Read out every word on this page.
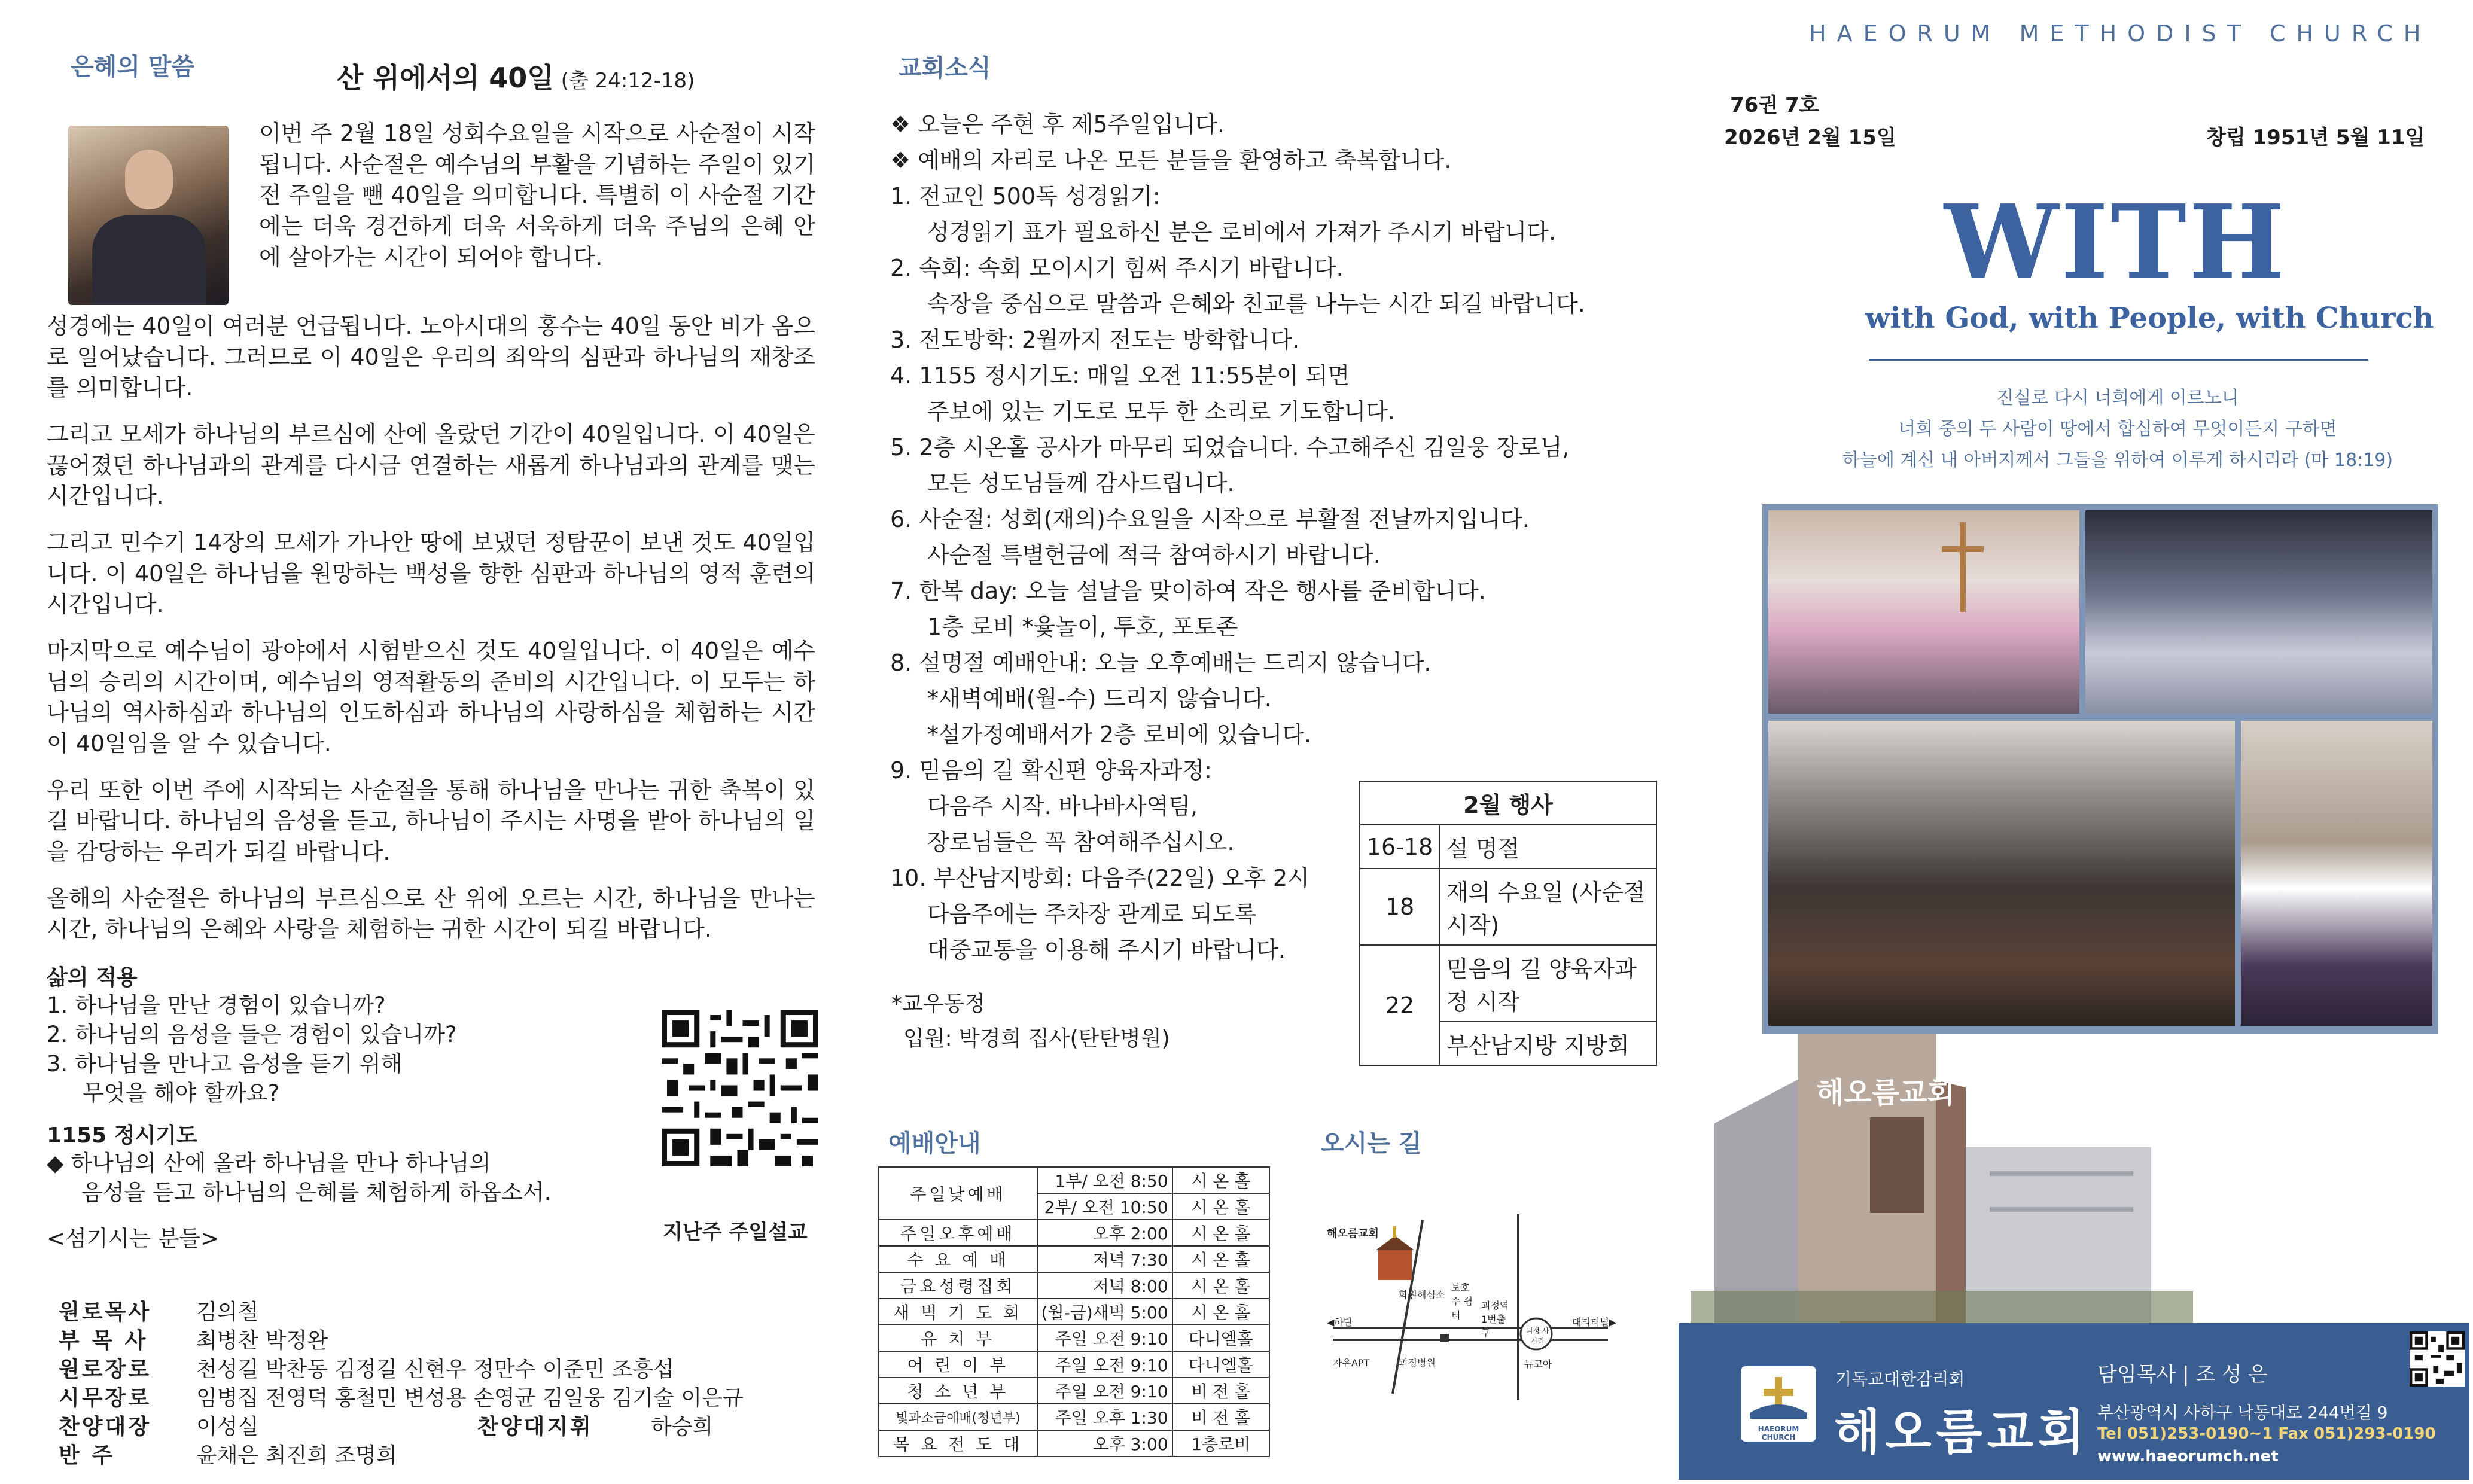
은혜의 말씀	산 위에서의 40일 (출 24:12-18)
이번 주 2월 18일 성회수요일을 시작으로 사순절이 시작됩니다. 사순절은 예수님의 부활을 기념하는 주일이 있기 전 주일을 뺀 40일을 의미합니다. 특별히 이 사순절 기간에는 더욱 경건하게 더욱 서욱하게 더욱 주님의 은혜 안에 살아가는 시간이 되어야 합니다.

성경에는 40일이 여러분 언급됩니다. 노아시대의 홍수는 40일 동안 비가 옴으로 일어났습니다. 그러므로 이 40일은 우리의 죄악의 심판과 하나님의 재창조를 의미합니다.

그리고 모세가 하나님의 부르심에 산에 올랐던 기간이 40일입니다. 이 40일은 끊어졌던 하나님과의 관계를 다시금 연결하는 새롭게 하나님과의 관계를 맺는 시간입니다.

그리고 민수기 14장의 모세가 가나안 땅에 보냈던 정탐꾼이 보낸 것도 40일입니다. 이 40일은 하나님을 원망하는 백성을 향한 심판과 하나님의 영적 훈련의 시간입니다.

마지막으로 예수님이 광야에서 시험받으신 것도 40일입니다. 이 40일은 예수님의 승리의 시간이며, 예수님의 영적활동의 준비의 시간입니다. 이 모두는 하나님의 역사하심과 하나님의 인도하심과 하나님의 사랑하심을 체험하는 시간이 40일임을 알 수 있습니다.

우리 또한 이번 주에 시작되는 사순절을 통해 하나님을 만나는 귀한 축복이 있길 바랍니다. 하나님의 음성을 듣고, 하나님이 주시는 사명을 받아 하나님의 일을 감당하는 우리가 되길 바랍니다.

올해의 사순절은 하나님의 부르심으로 산 위에 오르는 시간, 하나님을 만나는 시간, 하나님의 은혜와 사랑을 체험하는 귀한 시간이 되길 바랍니다.

삶의 적용
1. 하나님을 만난 경험이 있습니까?
2. 하나님의 음성을 들은 경험이 있습니까?
3. 하나님을 만나고 음성을 듣기 위해
무엇을 해야 할까요?
1155 정시기도
◆ 하나님의 산에 올라 하나님을 만나 하나님의
음성을 듣고 하나님의 은혜를 체험하게 하옵소서.
<섬기시는 분들>	지난주 주일설교
원로목사	김의철
부 목 사	최병찬 박정완
원로장로	천성길 박찬동 김정길 신현우 정만수 이준민 조흥섭
시무장로	임병집 전영덕 홍철민 변성용 손영균 김일웅 김기술 이은규
찬양대장	이성실	찬양대지휘	하승희
반 주	윤채은 최진희 조명희
교회소식
❖ 오늘은 주현 후 제5주일입니다.
❖ 예배의 자리로 나온 모든 분들을 환영하고 축복합니다.
1. 전교인 500독 성경읽기:
성경읽기 표가 필요하신 분은 로비에서 가져가 주시기 바랍니다.
2. 속회: 속회 모이시기 힘써 주시기 바랍니다.
속장을 중심으로 말씀과 은혜와 친교를 나누는 시간 되길 바랍니다.
3. 전도방학: 2월까지 전도는 방학합니다.
4. 1155 정시기도: 매일 오전 11:55분이 되면
주보에 있는 기도로 모두 한 소리로 기도합니다.
5. 2층 시온홀 공사가 마무리 되었습니다. 수고해주신 김일웅 장로님,
모든 성도님들께 감사드립니다.
6. 사순절: 성회(재의)수요일을 시작으로 부활절 전날까지입니다.
사순절 특별헌금에 적극 참여하시기 바랍니다.
7. 한복 day: 오늘 설날을 맞이하여 작은 행사를 준비합니다.
1층 로비 *윷놀이, 투호, 포토존
8. 설명절 예배안내: 오늘 오후예배는 드리지 않습니다.
*새벽예배(월-수) 드리지 않습니다.
*설가정예배서가 2층 로비에 있습니다.
9. 믿음의 길 확신편 양육자과정:
다음주 시작. 바나바사역팀,
장로님들은 꼭 참여해주십시오.
10. 부산남지방회: 다음주(22일) 오후 2시
다음주에는 주차장 관계로 되도록
대중교통을 이용해 주시기 바랍니다.
2월 행사	
16-18	설 명절
18	재의 수요일 (사순절 시작)
22	믿음의 길 양육자과정 시작
	부산남지방 지방회
*교우동정
입원: 박경희 집사(탄탄병원)
예배안내
주일낮예배	1부/ 오전 8:50	시 온 홀
	2부/ 오전 10:50	시 온 홀
주일오후예배	오후 2:00	시 온 홀
수 요 예 배	저녁 7:30	시 온 홀
금요성령집회	저녁 8:00	시 온 홀
새 벽 기 도 회	(월-금)새벽 5:00	시 온 홀
유 치 부	주일 오전 9:10	다니엘홀
어 린 이 부	주일 오전 9:10	다니엘홀
청 소 년 부	주일 오전 9:10	비 전 홀
빛과소금예배(청년부)	주일 오후 1:30	비 전 홀
목 요 전 도 대	오후 3:00	1층로비
오시는 길
해오름교회
화원해심소
보호수 쉼터
괴정역 1번출구
◀하단	대티터널▶
자유APT	괴정병원	뉴코아
괴정 사거리
HAEORUM METHODIST CHURCH
76권 7호
2026년 2월 15일	창립 1951년 5월 11일
WITH
with God, with People, with Church
진실로 다시 너희에게 이르노니
너희 중의 두 사람이 땅에서 합심하여 무엇이든지 구하면
하늘에 계신 내 아버지께서 그들을 위하여 이루게 하시리라 (마 18:19)
해오름교회
HAEORUM CHURCH
기독교대한감리회
해오름교회
담임목사 | 조 성 은
부산광역시 사하구 낙동대로 244번길 9
Tel 051)253-0190~1 Fax 051)293-0190
www.haeorumch.net
